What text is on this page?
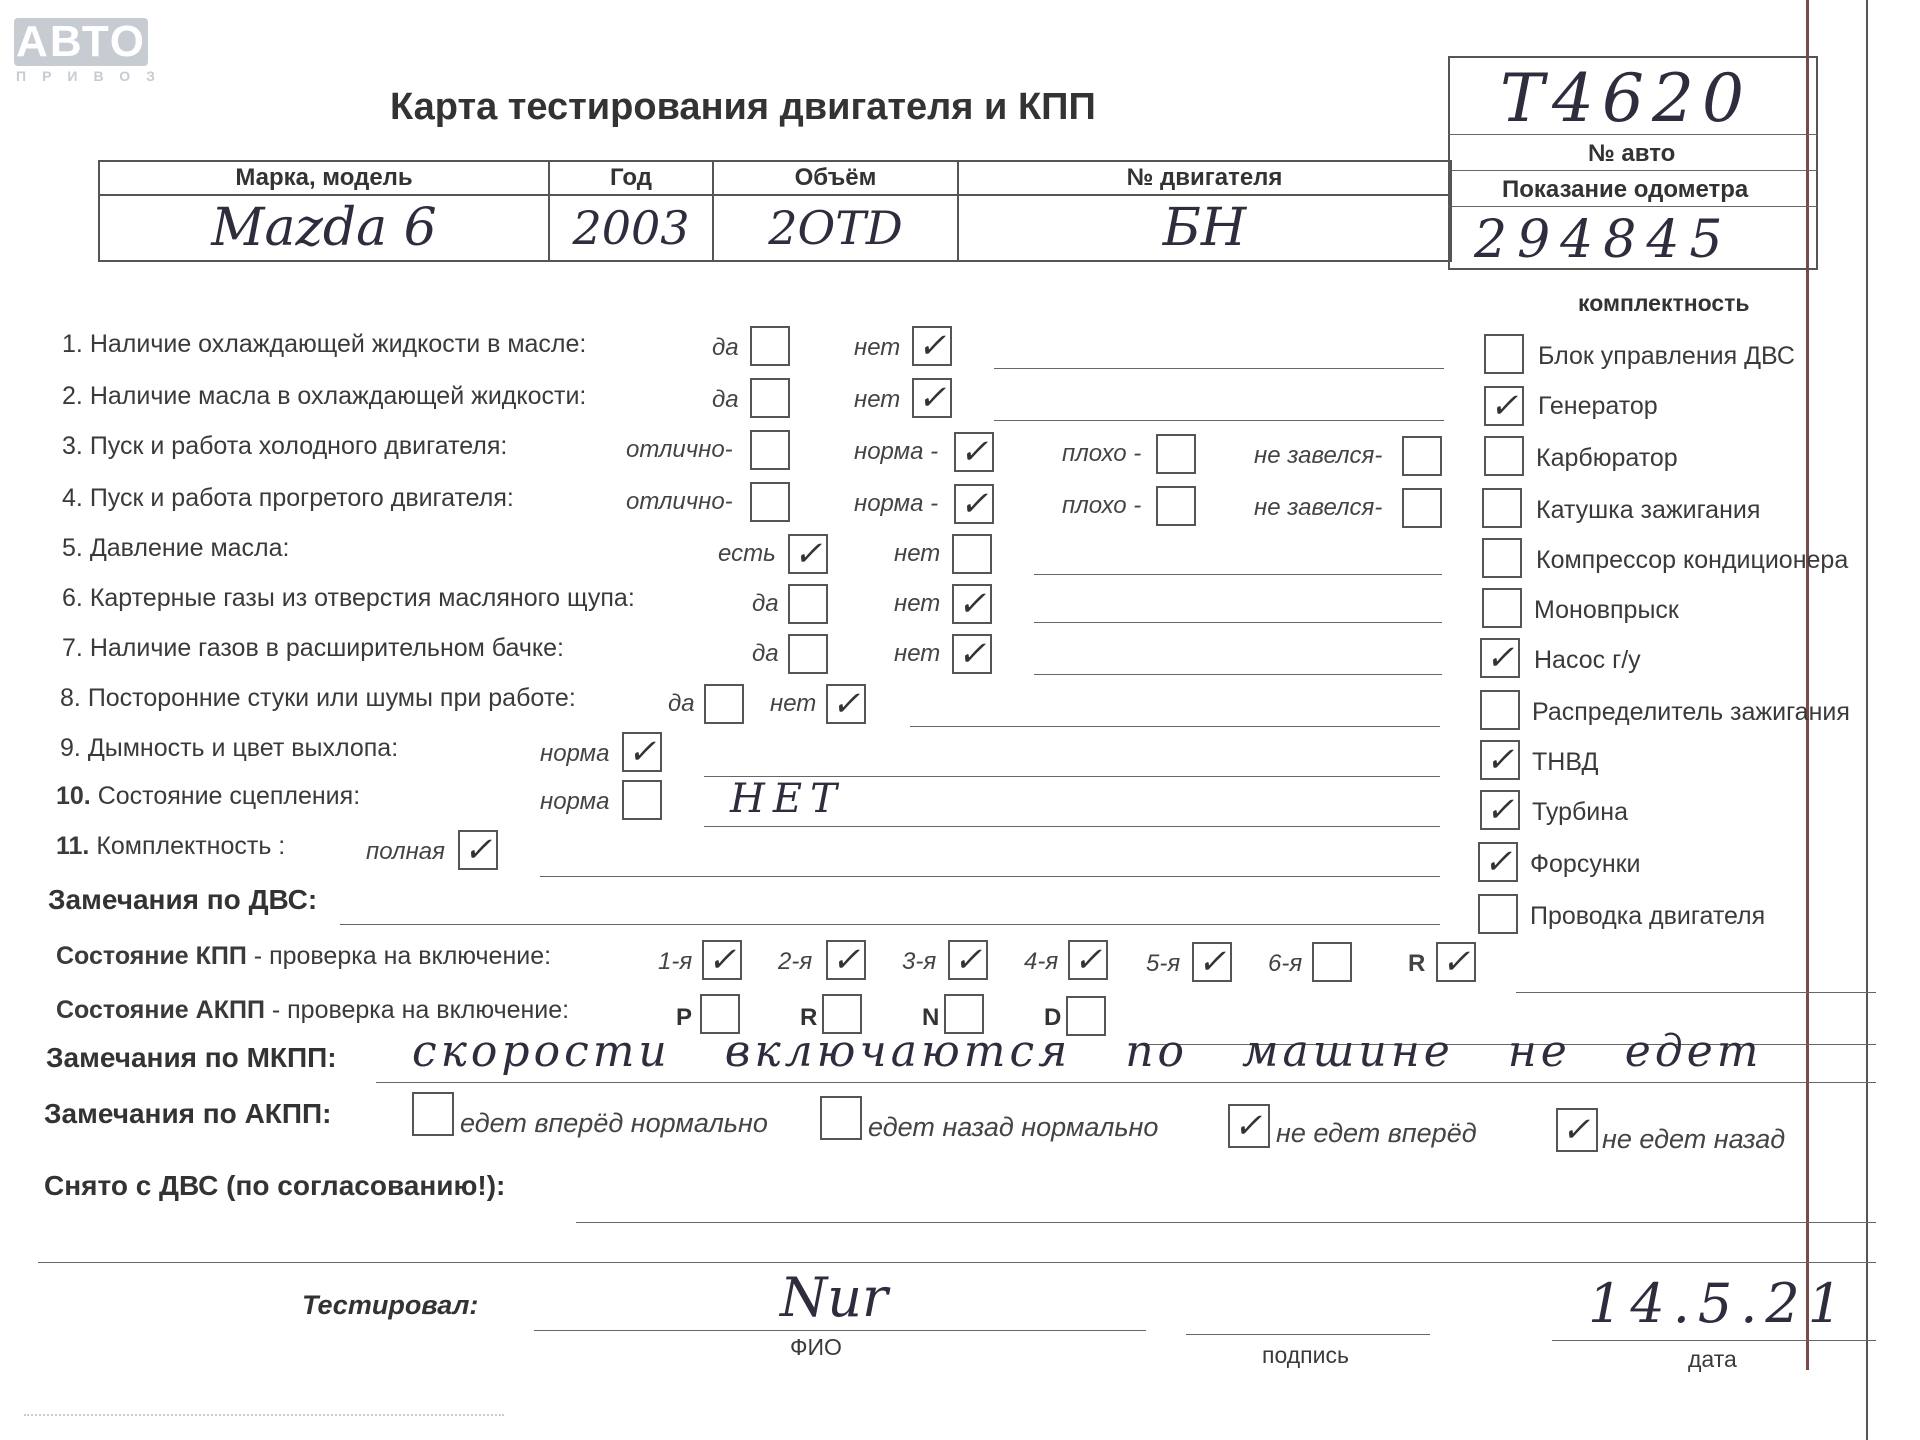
АВТО
ПРИВОЗ
Карта тестирования двигателя и КПП	Т4620
№ авто
Показание одометра
294845
Марка, модель	Год	Объём	№ двигателя
Mazda 6	2003	2ОТD	БН
1. Наличие охлаждающей жидкости в масле:	да	нет ✓
2. Наличие масла в охлаждающей жидкости:	да	нет ✓
3. Пуск и работа холодного двигателя:	отлично-	норма - ✓	плохо -	не завелся-
4. Пуск и работа прогретого двигателя:	отлично-	норма - ✓	плохо -	не завелся-
5. Давление масла:	есть ✓	нет
6. Картерные газы из отверстия масляного щупа:	да	нет ✓
7. Наличие газов в расширительном бачке:	да	нет ✓
8. Посторонние стуки или шумы при работе:	да	нет ✓
9. Дымность и цвет выхлопа:	норма ✓
10. Состояние сцепления:	норма	НЕТ
11. Комплектность :	полная ✓
комплектность
Блок управления ДВС
✓ Генератор
Карбюратор
Катушка зажигания
Компрессор кондиционера
Моновпрыск
✓ Насос г/у
Распределитель зажигания
✓ ТНВД
✓ Турбина
✓ Форсунки
Проводка двигателя
Замечания по ДВС:
Состояние КПП - проверка на включение:	1-я ✓ 2-я ✓ 3-я ✓ 4-я ✓ 5-я ✓ 6-я	R ✓
Состояние АКПП - проверка на включение:	P	R	N	D
Замечания по МКПП: скорости включаются по машине не едет
Замечания по АКПП:	едет вперёд нормально	едет назад нормально ✓ не едет вперёд	✓ не едет назад
Снято с ДВС (по согласованию!):
Тестировал:	Nur
ФИО	подпись
14.5.21
дата
